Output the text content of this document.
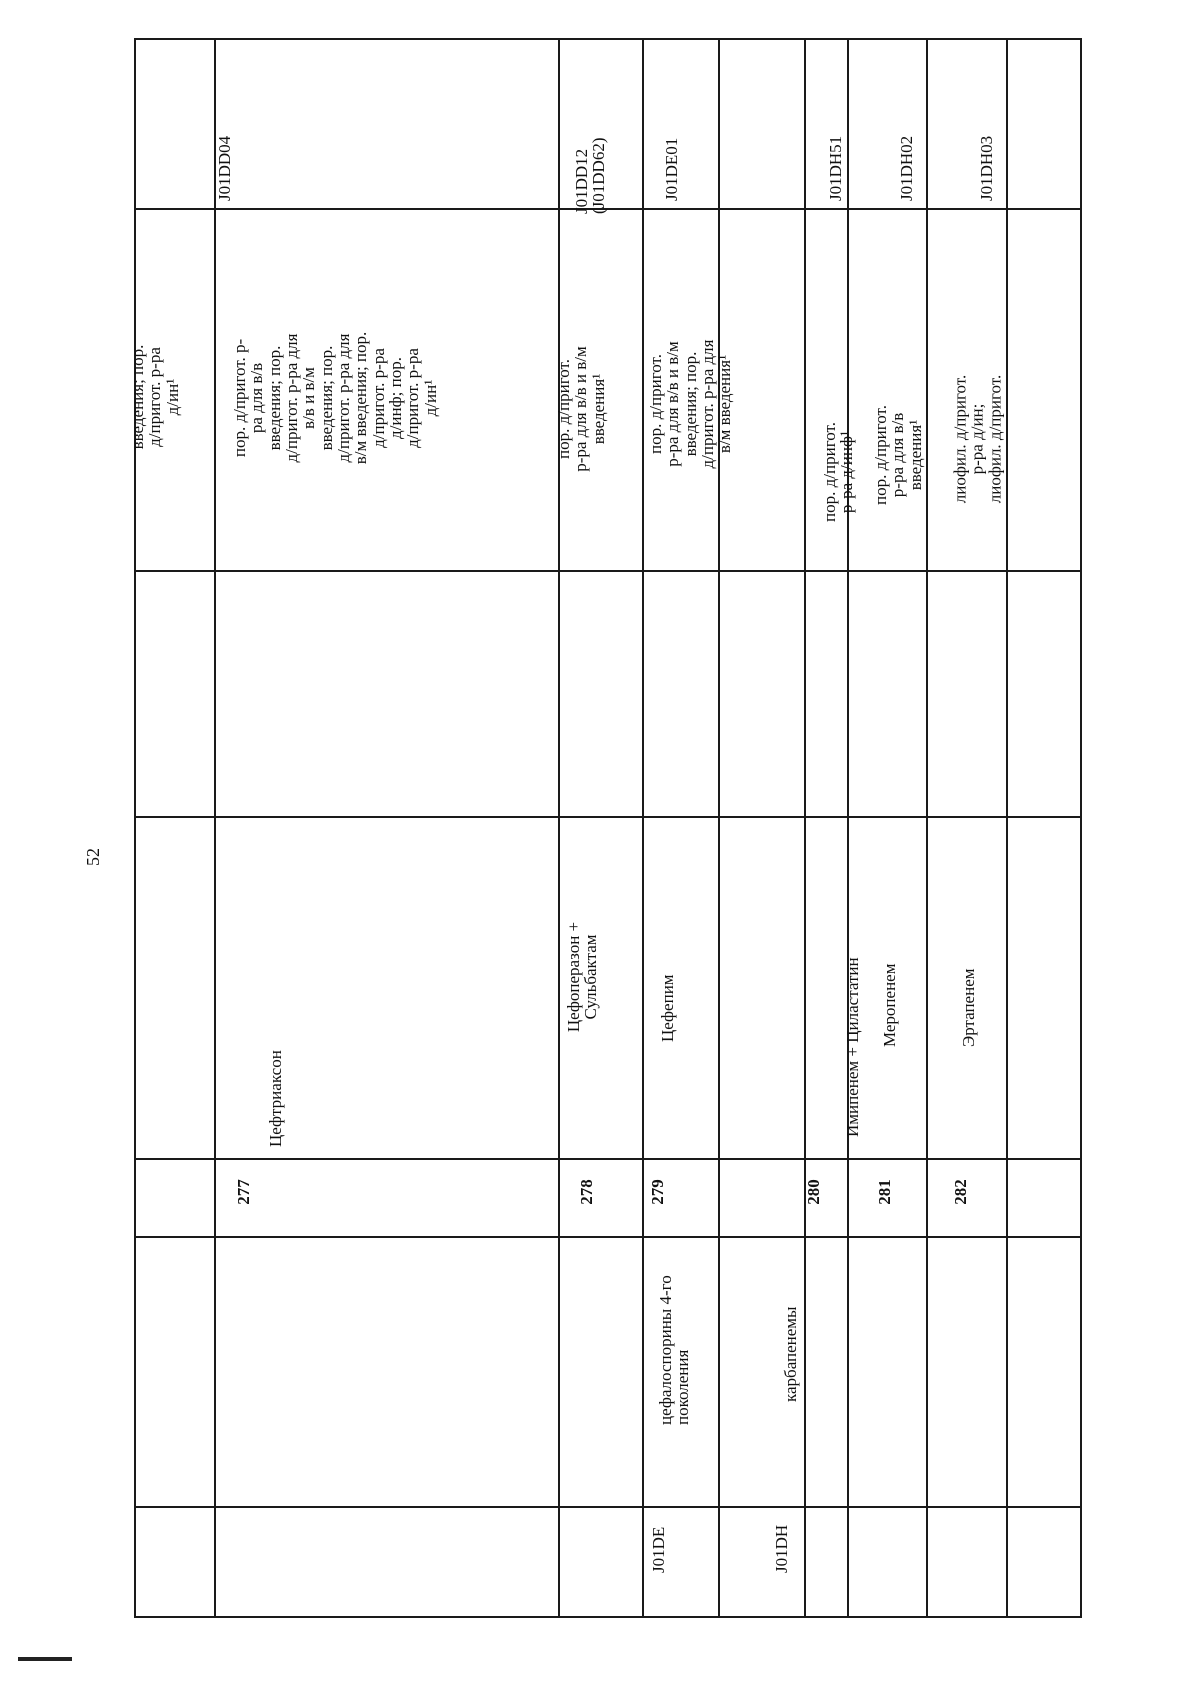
52
введения; пор.
д/пригот. р-ра
д/ин¹
277
Цефтриаксон
пор. д/пригот. р-
ра для в/в
введения; пор.
д/пригот. р-ра для
в/в и в/м
введения; пор.
д/пригот. р-ра для
в/м введения; пор.
д/пригот. р-ра
д/инф; пор.
д/пригот. р-ра
д/ин¹
J01DD04
278
Цефоперазон +
Сульбактам
пор. д/пригот.
р-ра для в/в и в/м
введения¹
J01DD12
(J01DD62)
J01DE
цефалоспорины 4-го
поколения
279
Цефепим
пор. д/пригот.
р-ра для в/в и в/м
введения; пор.
д/пригот. р-ра для
в/м введения¹
J01DE01
J01DH
карбапенемы
280
Имипенем + Циластатин
пор. д/пригот.
р-ра д/инф¹
J01DH51
281
Меропенем
пор. д/пригот.
р-ра для в/в
введения¹
J01DH02
282
Эртапенем
лиофил. д/пригот.
р-ра д/ин;
лиофил. д/пригот.
J01DH03
